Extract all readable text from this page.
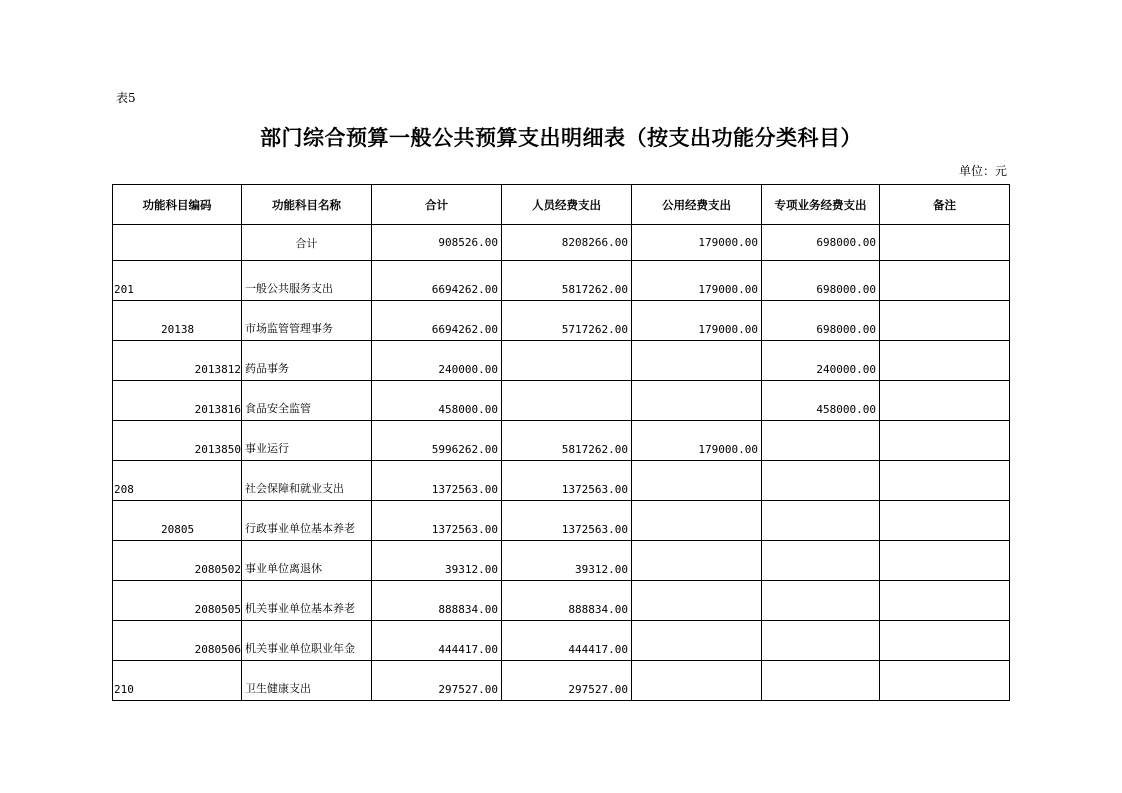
表5
部门综合预算一般公共预算支出明细表（按支出功能分类科目）
单位：元
功能科目编码	功能科目名称	合计	人员经费支出	公用经费支出	专项业务经费支出	备注
	合计	908526.00	8208266.00	179000.00	698000.00	
201	一般公共服务支出	6694262.00	5817262.00	179000.00	698000.00	
20138	市场监管管理事务	6694262.00	5717262.00	179000.00	698000.00	
2013812	药品事务	240000.00			240000.00	
2013816	食品安全监管	458000.00			458000.00	
2013850	事业运行	5996262.00	5817262.00	179000.00		
208	社会保障和就业支出	1372563.00	1372563.00			
20805	行政事业单位基本养老	1372563.00	1372563.00			
2080502	事业单位离退休	39312.00	39312.00			
2080505	机关事业单位基本养老	888834.00	888834.00			
2080506	机关事业单位职业年金	444417.00	444417.00			
210	卫生健康支出	297527.00	297527.00			
